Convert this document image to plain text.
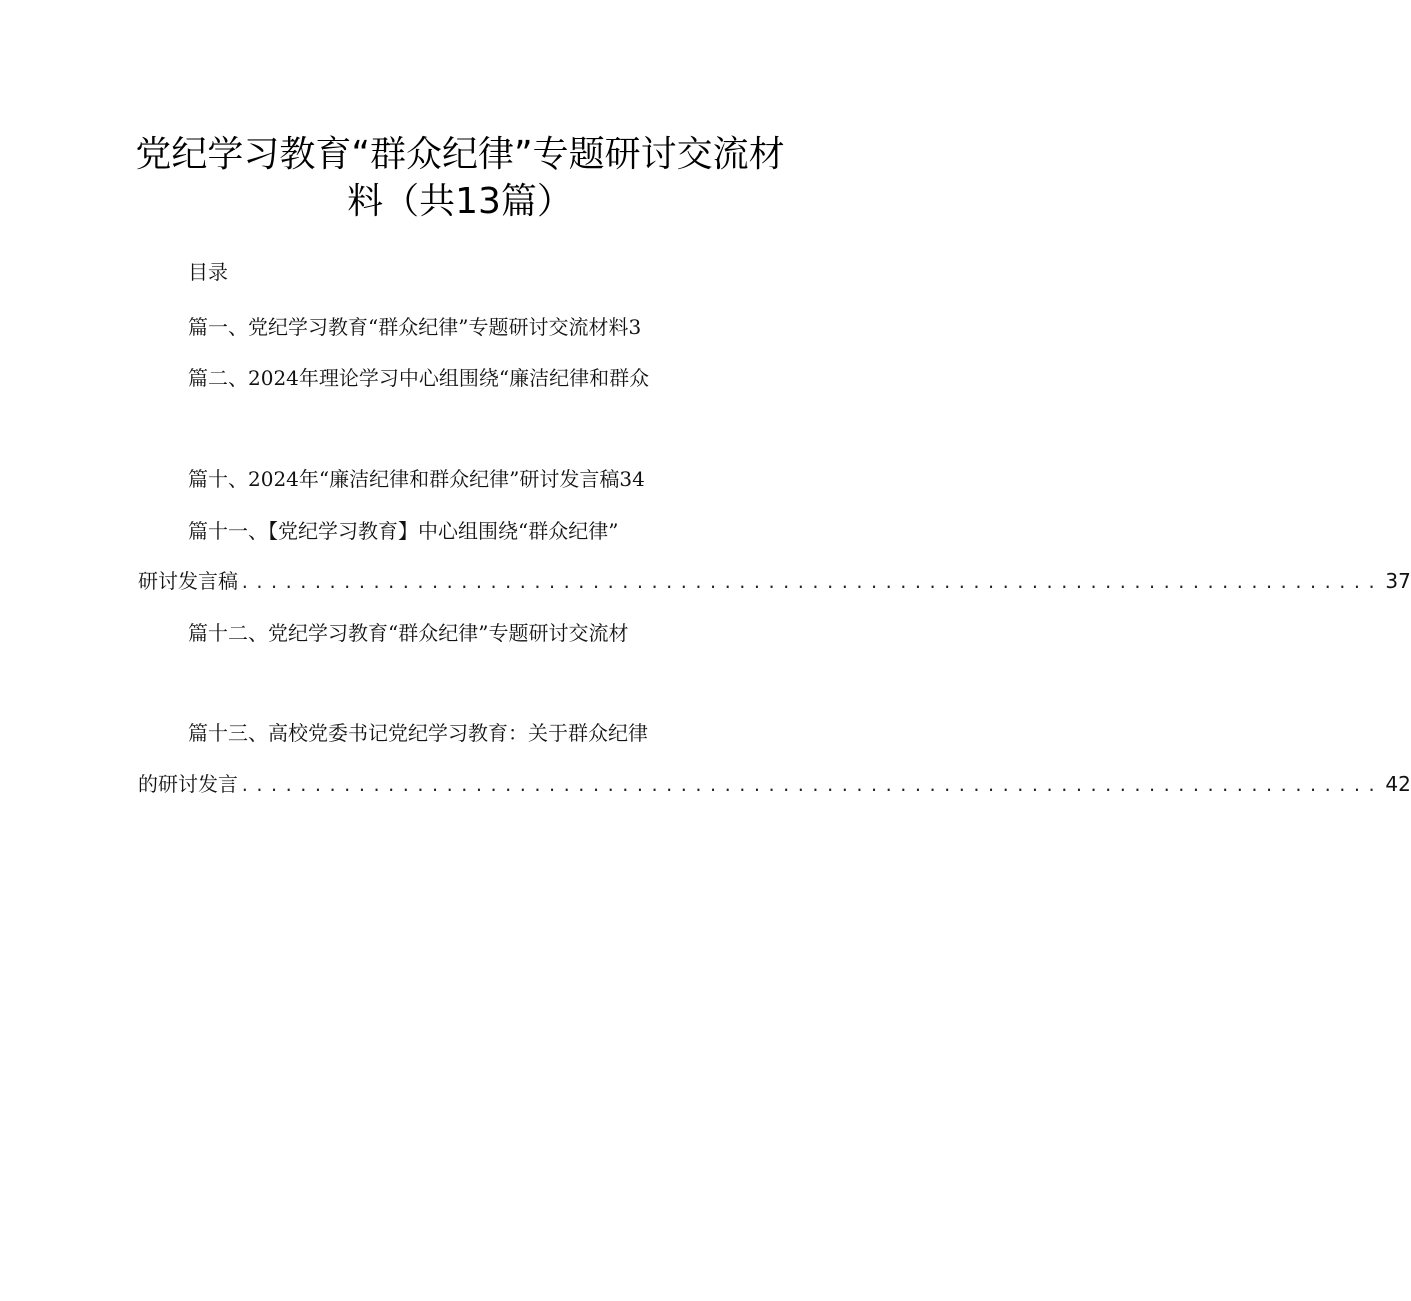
党纪学习教育“群众纪律”专题研讨交流材
料（共13篇）
目录
篇一、党纪学习教育“群众纪律”专题研讨交流材料3
篇二、2024年理论学习中心组围绕“廉洁纪律和群众
篇十、2024年“廉洁纪律和群众纪律”研讨发言稿34
篇十一、【党纪学习教育】中心组围绕“群众纪律”
研讨发言稿 .............................................................................. 37
篇十二、党纪学习教育“群众纪律”专题研讨交流材
篇十三、高校党委书记党纪学习教育：关于群众纪律
的研讨发言 .............................................................................. 42
